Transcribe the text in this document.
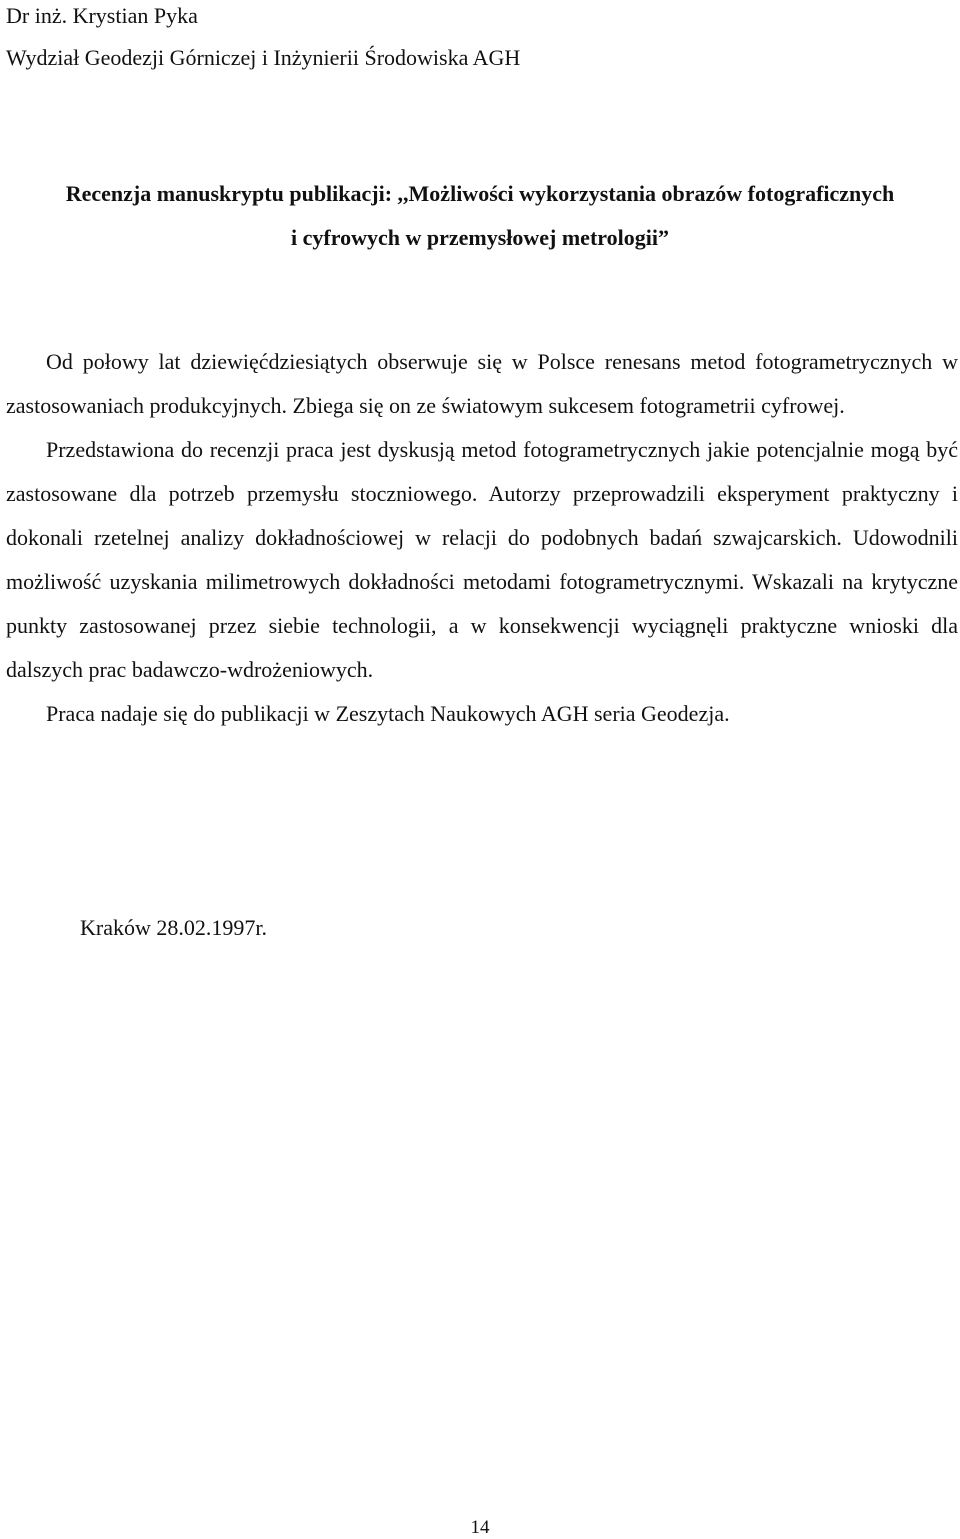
Dr inż. Krystian Pyka
Wydział Geodezji Górniczej i Inżynierii Środowiska AGH
Recenzja manuskryptu publikacji: ,,Możliwości wykorzystania obrazów fotograficznych
i cyfrowych w przemysłowej metrologii”

Od połowy lat dziewięćdziesiątych obserwuje się w Polsce renesans metod fotogrametrycznych w zastosowaniach produkcyjnych. Zbiega się on ze światowym sukcesem fotogrametrii cyfrowej.

Przedstawiona do recenzji praca jest dyskusją metod fotogrametrycznych jakie potencjalnie mogą być zastosowane dla potrzeb przemysłu stoczniowego. Autorzy przeprowadzili eksperyment praktyczny i dokonali rzetelnej analizy dokładnościowej w relacji do podobnych badań szwajcarskich. Udowodnili możliwość uzyskania milimetrowych dokładności metodami fotogrametrycznymi. Wskazali na krytyczne punkty zastosowanej przez siebie technologii, a w konsekwencji wyciągnęli praktyczne wnioski dla dalszych prac badawczo-wdrożeniowych.

Praca nadaje się do publikacji w Zeszytach Naukowych AGH seria Geodezja.

Kraków 28.02.1997r.
14
